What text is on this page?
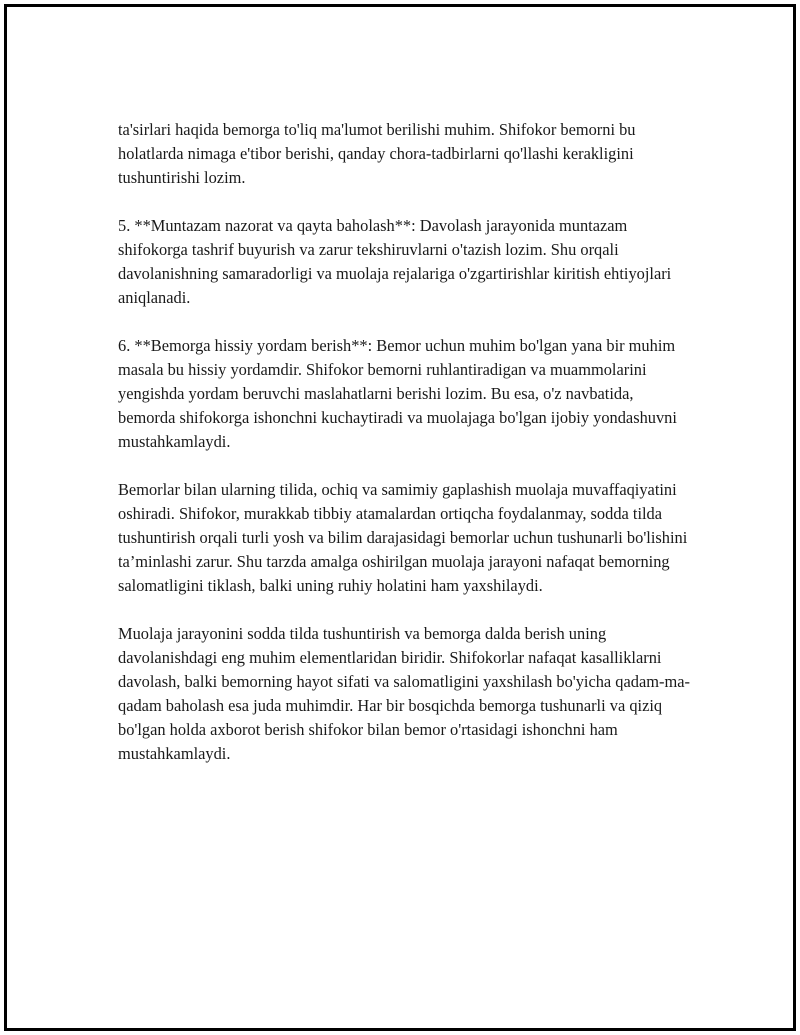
ta'sirlari haqida bemorga to'liq ma'lumot berilishi muhim. Shifokor bemorni bu holatlarda nimaga e'tibor berishi, qanday chora-tadbirlarni qo'llashi kerakligini tushuntirishi lozim.

5. **Muntazam nazorat va qayta baholash**: Davolash jarayonida muntazam shifokorga tashrif buyurish va zarur tekshiruvlarni o'tazish lozim. Shu orqali davolanishning samaradorligi va muolaja rejalariga o'zgartirishlar kiritish ehtiyojlari aniqlanadi.

6. **Bemorga hissiy yordam berish**: Bemor uchun muhim bo'lgan yana bir muhim masala bu hissiy yordamdir. Shifokor bemorni ruhlantiradigan va muammolarini yengishda yordam beruvchi maslahatlarni berishi lozim. Bu esa, o'z navbatida, bemorda shifokorga ishonchni kuchaytiradi va muolajaga bo'lgan ijobiy yondashuvni mustahkamlaydi.

Bemorlar bilan ularning tilida, ochiq va samimiy gaplashish muolaja muvaffaqiyatini oshiradi. Shifokor, murakkab tibbiy atamalardan ortiqcha foydalanmay, sodda tilda tushuntirish orqali turli yosh va bilim darajasidagi bemorlar uchun tushunarli bo'lishini ta’minlashi zarur. Shu tarzda amalga oshirilgan muolaja jarayoni nafaqat bemorning salomatligini tiklash, balki uning ruhiy holatini ham yaxshilaydi.

Muolaja jarayonini sodda tilda tushuntirish va bemorga dalda berish uning davolanishdagi eng muhim elementlaridan biridir. Shifokorlar nafaqat kasalliklarni davolash, balki bemorning hayot sifati va salomatligini yaxshilash bo'yicha qadam-ma-qadam baholash esa juda muhimdir. Har bir bosqichda bemorga tushunarli va qiziq bo'lgan holda axborot berish shifokor bilan bemor o'rtasidagi ishonchni ham mustahkamlaydi.
